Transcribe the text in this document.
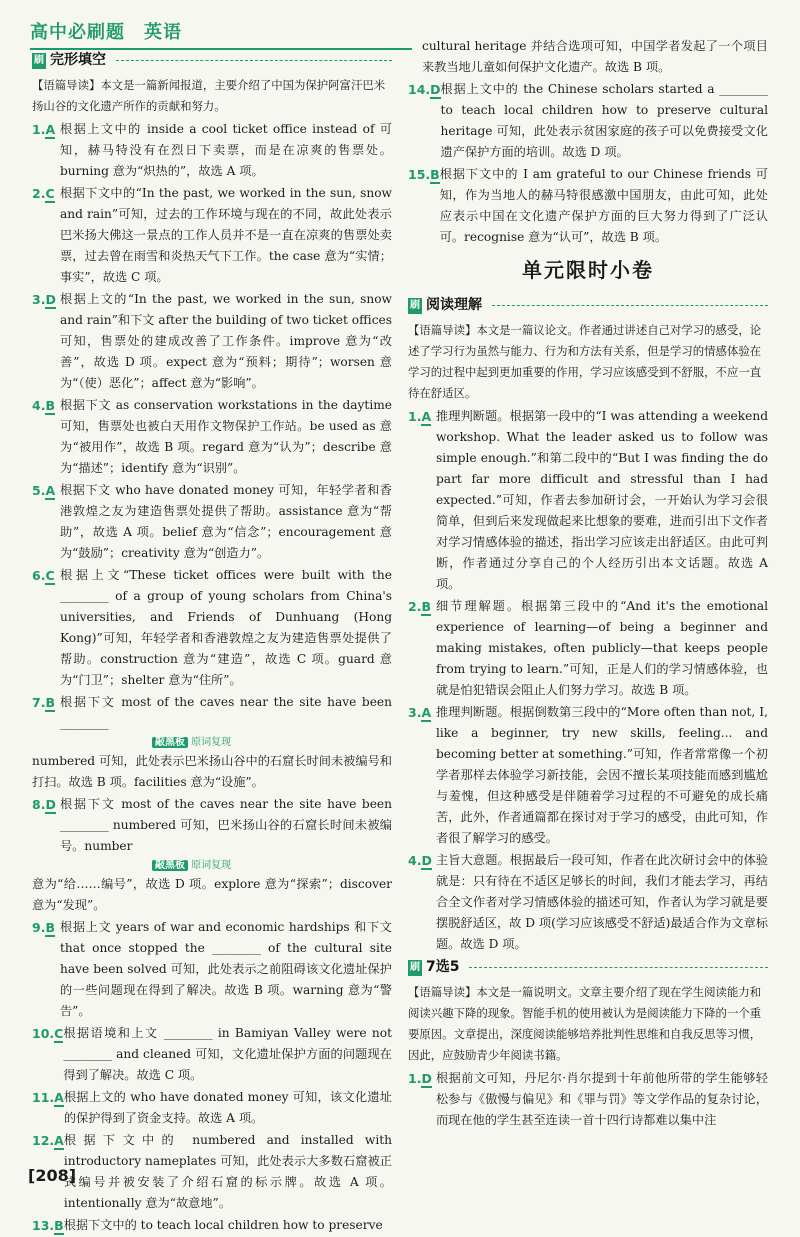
高中必刷题　英语
刷 完形填空
【语篇导读】本文是一篇新闻报道，主要介绍了中国为保护阿富汗巴米扬山谷的文化遗产所作的贡献和努力。
1.A 根据上文中的 inside a cool ticket office instead of 可知，赫马特没有在烈日下卖票，而是在凉爽的售票处。burning 意为“炽热的”，故选 A 项。
2.C 根据下文中的“In the past, we worked in the sun, snow and rain”可知，过去的工作环境与现在的不同，故此处表示巴米扬大佛这一景点的工作人员并不是一直在凉爽的售票处卖票，过去曾在雨雪和炎热天气下工作。the case 意为“实情；事实”，故选 C 项。
3.D 根据上文的“In the past, we worked in the sun, snow and rain”和下文 after the building of two ticket offices 可知，售票处的建成改善了工作条件。improve 意为“改善”，故选 D 项。expect 意为“预料；期待”；worsen 意为“（使）恶化”；affect 意为“影响”。
4.B 根据下文 as conservation workstations in the daytime 可知，售票处也被白天用作文物保护工作站。be used as 意为“被用作”，故选 B 项。regard 意为“认为”；describe 意为“描述”；identify 意为“识别”。
5.A 根据下文 who have donated money 可知，年轻学者和香港敦煌之友为建造售票处提供了帮助。assistance 意为“帮助”，故选 A 项。belief 意为“信念”；encouragement 意为“鼓励”；creativity 意为“创造力”。
6.C 根据上文“These ticket offices were built with the ________ of a group of young scholars from China's universities, and Friends of Dunhuang (Hong Kong)”可知，年轻学者和香港敦煌之友为建造售票处提供了帮助。construction 意为“建造”，故选 C 项。guard 意为“门卫”；shelter 意为“住所”。
7.B 根据下文 most of the caves near the site have been ________
敲黑板 原词复现
numbered 可知，此处表示巴米扬山谷中的石窟长时间未被编号和打扫。故选 B 项。facilities 意为“设施”。
8.D 根据下文 most of the caves near the site have been ________ numbered 可知，巴米扬山谷的石窟长时间未被编号。number
敲黑板 原词复现
意为“给……编号”，故选 D 项。explore 意为“探索”；discover 意为“发现”。
9.B 根据上文 years of war and economic hardships 和下文 that once stopped the ________ of the cultural site have been solved 可知，此处表示之前阻碍该文化遗址保护的一些问题现在得到了解决。故选 B 项。warning 意为“警告”。
10.C 根据语境和上文 ________ in Bamiyan Valley were not ________ and cleaned 可知，文化遗址保护方面的问题现在得到了解决。故选 C 项。
11.A 根据上文的 who have donated money 可知，该文化遗址的保护得到了资金支持。故选 A 项。
12.A 根据下文中的 numbered and installed with introductory nameplates 可知，此处表示大多数石窟被正式编号并被安装了介绍石窟的标示牌。故选 A 项。intentionally 意为“故意地”。
13.B 根据下文中的 to teach local children how to preserve
cultural heritage 并结合选项可知，中国学者发起了一个项目来教当地儿童如何保护文化遗产。故选 B 项。
14.D 根据上文中的 the Chinese scholars started a ________ to teach local children how to preserve cultural heritage 可知，此处表示贫困家庭的孩子可以免费接受文化遗产保护方面的培训。故选 D 项。
15.B 根据下文中的 I am grateful to our Chinese friends 可知，作为当地人的赫马特很感激中国朋友，由此可知，此处应表示中国在文化遗产保护方面的巨大努力得到了广泛认可。recognise 意为“认可”，故选 B 项。
单元限时小卷
刷 阅读理解
【语篇导读】本文是一篇议论文。作者通过讲述自己对学习的感受，论述了学习行为虽然与能力、行为和方法有关系，但是学习的情感体验在学习的过程中起到更加重要的作用，学习应该感受到不舒服，不应一直待在舒适区。
1.A 推理判断题。根据第一段中的“I was attending a weekend workshop. What the leader asked us to follow was simple enough.”和第二段中的“But I was finding the do part far more difficult and stressful than I had expected.”可知，作者去参加研讨会，一开始认为学习会很简单，但到后来发现做起来比想象的要难，进而引出下文作者对学习情感体验的描述，指出学习应该走出舒适区。由此可判断，作者通过分享自己的个人经历引出本文话题。故选 A 项。
2.B 细节理解题。根据第三段中的“And it's the emotional experience of learning—of being a beginner and making mistakes, often publicly—that keeps people from trying to learn.”可知，正是人们的学习情感体验，也就是怕犯错误会阻止人们努力学习。故选 B 项。
3.A 推理判断题。根据倒数第三段中的“More often than not, I, like a beginner, try new skills, feeling... and becoming better at something.”可知，作者常常像一个初学者那样去体验学习新技能，会因不擅长某项技能而感到尴尬与羞愧，但这种感受是伴随着学习过程的不可避免的成长痛苦，此外，作者通篇都在探讨对于学习的感受，由此可知，作者很了解学习的感受。
4.D 主旨大意题。根据最后一段可知，作者在此次研讨会中的体验就是：只有待在不适区足够长的时间，我们才能去学习，再结合全文作者对学习情感体验的描述可知，作者认为学习就是要摆脱舒适区，故 D 项(学习应该感受不舒适)最适合作为文章标题。故选 D 项。
刷 7选5
【语篇导读】本文是一篇说明文。文章主要介绍了现在学生阅读能力和阅读兴趣下降的现象。智能手机的使用被认为是阅读能力下降的一个重要原因。文章提出，深度阅读能够培养批判性思维和自我反思等习惯，因此，应鼓励青少年阅读书籍。
1.D 根据前文可知，丹尼尔·肖尔提到十年前他所带的学生能够轻松参与《傲慢与偏见》和《罪与罚》等文学作品的复杂讨论，而现在他的学生甚至连读一首十四行诗都难以集中注
[208]
